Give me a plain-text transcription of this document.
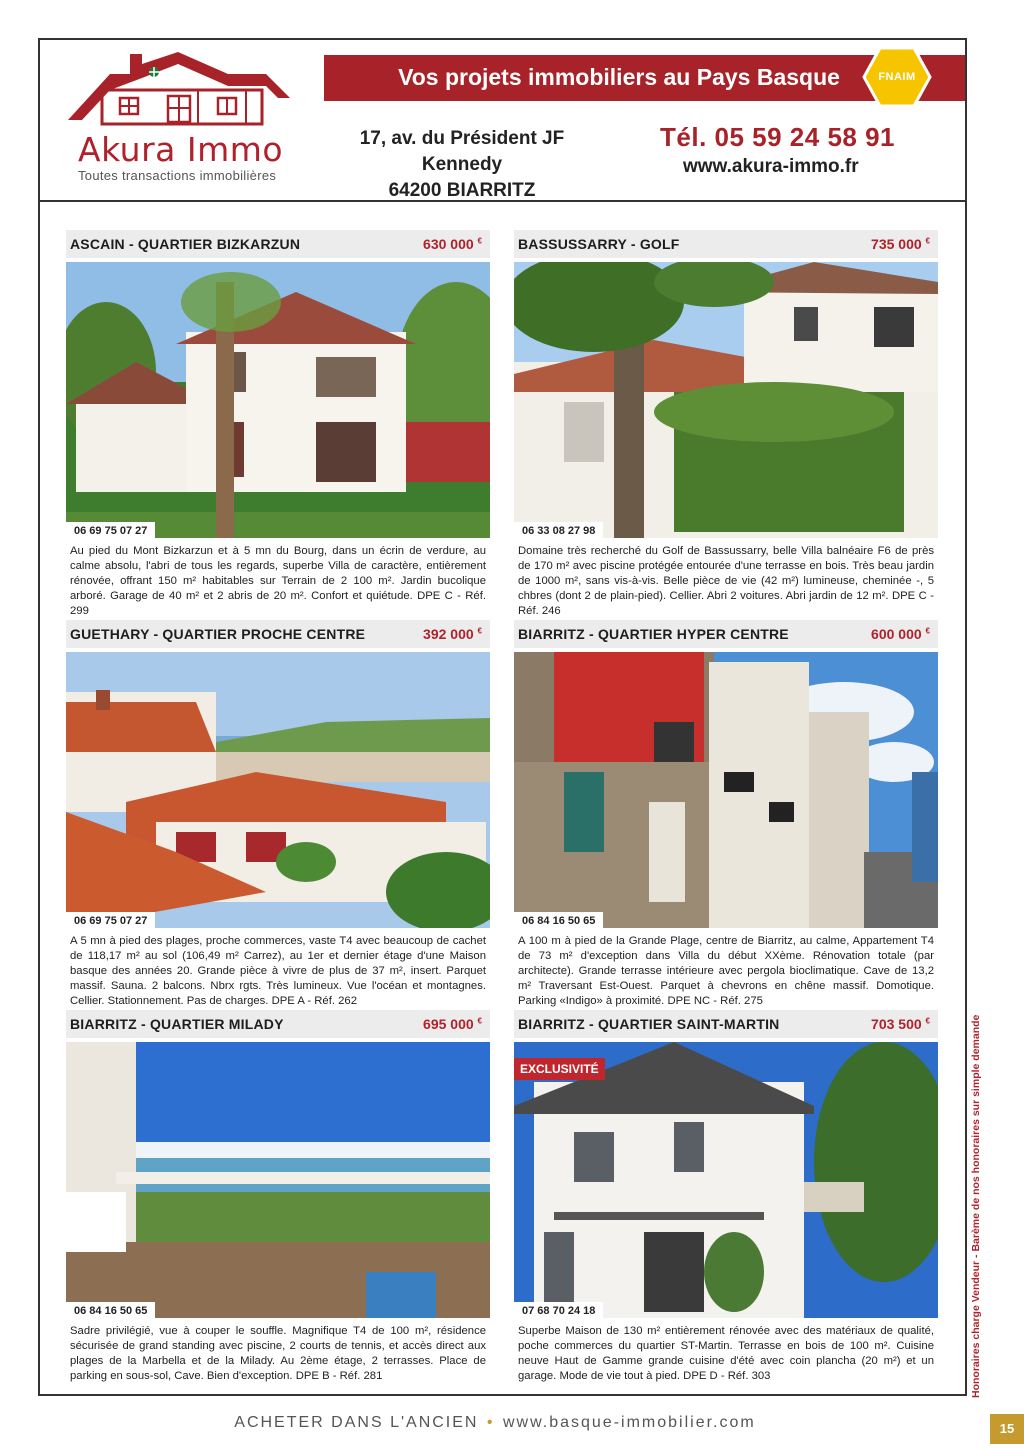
Akura Immo
Toutes transactions immobilières
Vos projets immobiliers au Pays Basque	FNAIM
17, av. du Président JF Kennedy
64200 BIARRITZ
Tél. 05 59 24 58 91
www.akura-immo.fr
ASCAIN - QUARTIER BIZKARZUN	630 000 €
06 69 75 07 27
Au pied du Mont Bizkarzun et à 5 mn du Bourg, dans un écrin de verdure, au calme absolu, l'abri de tous les regards, superbe Villa de caractère, entièrement rénovée, offrant 150 m² habitables sur Terrain de 2 100 m². Jardin bucolique arboré. Garage de 40 m² et 2 abris de 20 m². Confort et quiétude. DPE C - Réf. 299
BASSUSSARRY - GOLF	735 000 €
06 33 08 27 98
Domaine très recherché du Golf de Bassussarry, belle Villa balnéaire F6 de près de 170 m² avec piscine protégée entourée d'une terrasse en bois. Très beau jardin de 1000 m², sans vis-à-vis. Belle pièce de vie (42 m²) lumineuse, cheminée -, 5 chbres (dont 2 de plain-pied). Cellier. Abri 2 voitures. Abri jardin de 12 m². DPE C - Réf. 246
GUETHARY - QUARTIER PROCHE CENTRE	392 000 €
06 69 75 07 27
A 5 mn à pied des plages, proche commerces, vaste T4 avec beaucoup de cachet de 118,17 m² au sol (106,49 m² Carrez), au 1er et dernier étage d'une Maison basque des années 20. Grande pièce à vivre de plus de 37 m², insert. Parquet massif. Sauna. 2 balcons. Nbrx rgts. Très lumineux. Vue l'océan et montagnes. Cellier. Stationnement. Pas de charges. DPE A - Réf. 262
BIARRITZ - QUARTIER HYPER CENTRE	600 000 €
06 84 16 50 65
A 100 m à pied de la Grande Plage, centre de Biarritz, au calme, Appartement T4 de 73 m² d'exception dans Villa du début XXème. Rénovation totale (par architecte). Grande terrasse intérieure avec pergola bioclimatique. Cave de 13,2 m² Traversant Est-Ouest. Parquet à chevrons en chêne massif. Domotique. Parking «Indigo» à proximité. DPE NC - Réf. 275
BIARRITZ - QUARTIER MILADY	695 000 €
06 84 16 50 65
Sadre privilégié, vue à couper le souffle. Magnifique T4 de 100 m², résidence sécurisée de grand standing avec piscine, 2 courts de tennis, et accès direct aux plages de la Marbella et de la Milady. Au 2ème étage, 2 terrasses. Place de parking en sous-sol, Cave. Bien d'exception. DPE B - Réf. 281
BIARRITZ - QUARTIER SAINT-MARTIN	703 500 €
EXCLUSIVITÉ
07 68 70 24 18
Superbe Maison de 130 m² entièrement rénovée avec des matériaux de qualité, poche commerces du quartier ST-Martin. Terrasse en bois de 100 m². Cuisine neuve Haut de Gamme grande cuisine d'été avec coin plancha (20 m²) et un garage. Mode de vie tout à pied. DPE D - Réf. 303	Honoraires charge Vendeur - Barème de nos honoraires sur simple demande
ACHETER DANS L'ANCIEN • www.basque-immobilier.com	15
